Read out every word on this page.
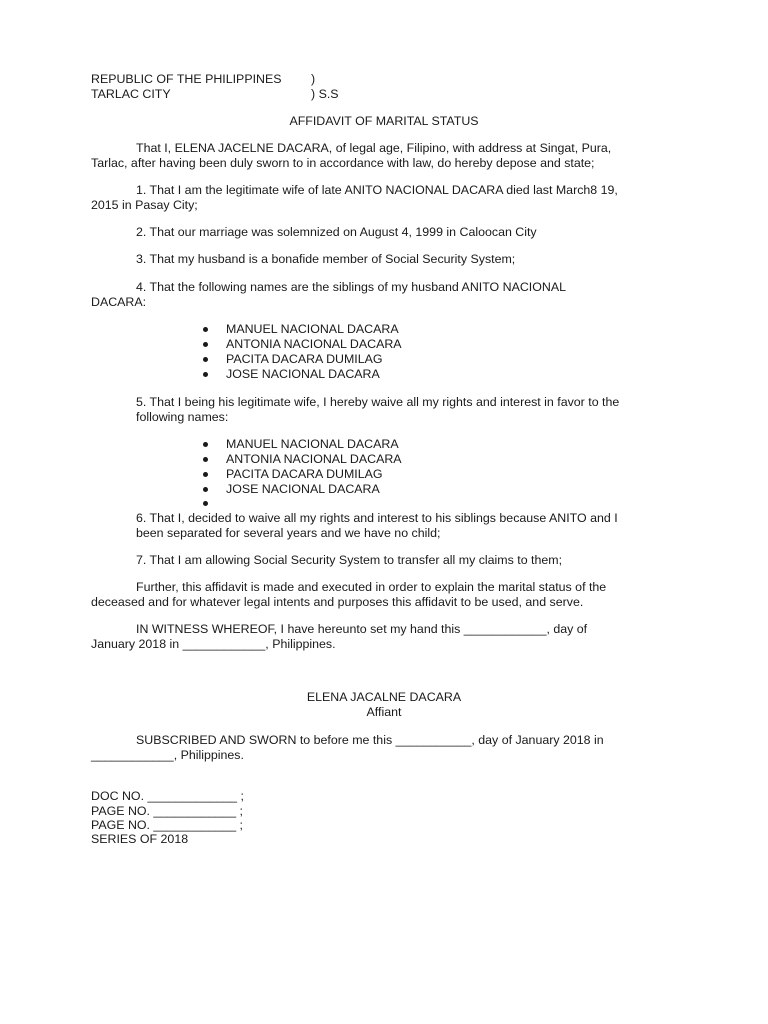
REPUBLIC OF THE PHILIPPINES )
TARLAC CITY	) S.S
AFFIDAVIT OF MARITAL STATUS
That I, ELENA JACELNE DACARA, of legal age, Filipino, with address at Singat, Pura,
Tarlac, after having been duly sworn to in accordance with law, do hereby depose and state;
1. That I am the legitimate wife of late ANITO NACIONAL DACARA died last March8 19,
2015 in Pasay City;
2. That our marriage was solemnized on August 4, 1999 in Caloocan City
3. That my husband is a bonafide member of Social Security System;
4. That the following names are the siblings of my husband ANITO NACIONAL
DACARA:
MANUEL NACIONAL DACARA
ANTONIA NACIONAL DACARA
PACITA DACARA DUMILAG
JOSE NACIONAL DACARA
5. That I being his legitimate wife, I hereby waive all my rights and interest in favor to the
following names:
MANUEL NACIONAL DACARA
ANTONIA NACIONAL DACARA
PACITA DACARA DUMILAG
JOSE NACIONAL DACARA
6. That I, decided to waive all my rights and interest to his siblings because ANITO and I
been separated for several years and we have no child;
7. That I am allowing Social Security System to transfer all my claims to them;
Further, this affidavit is made and executed in order to explain the marital status of the
deceased and for whatever legal intents and purposes this affidavit to be used, and serve.
IN WITNESS WHEREOF, I have hereunto set my hand this ____________, day of
January 2018 in ____________, Philippines.
ELENA JACALNE DACARA
Affiant
SUBSCRIBED AND SWORN to before me this ___________, day of January 2018 in
____________, Philippines.
DOC NO. _____________ ;
PAGE NO. ____________ ;
PAGE NO. ____________ ;
SERIES OF 2018
